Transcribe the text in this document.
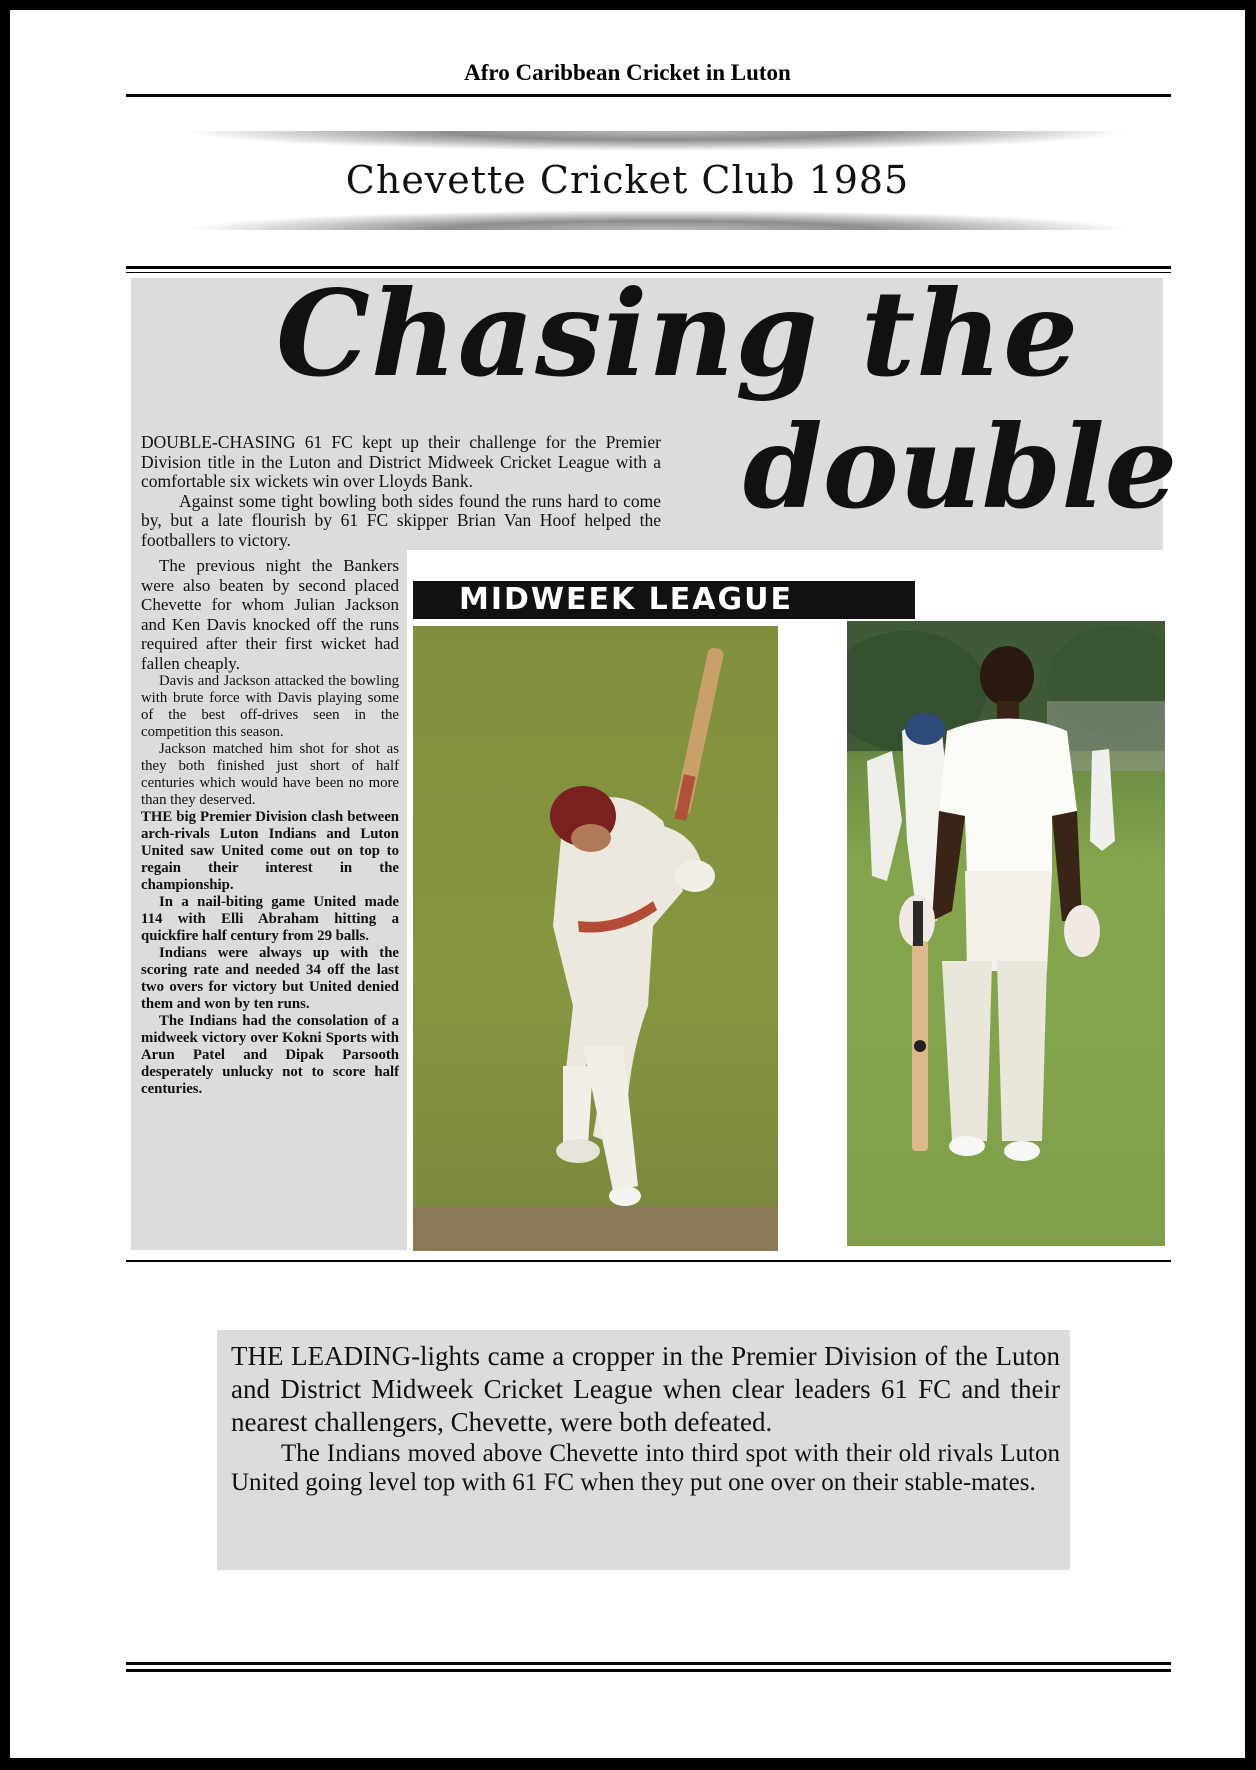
Afro Caribbean Cricket in Luton
Chevette Cricket Club 1985
Chasing the
double

DOUBLE-CHASING 61 FC kept up their challenge for the Premier Division title in the Luton and District Midweek Cricket League with a comfortable six wickets win over Lloyds Bank.

Against some tight bowling both sides found the runs hard to come by, but a late flourish by 61 FC skipper Brian Van Hoof helped the footballers to victory.

MIDWEEK LEAGUE

The previous night the Bankers were also beaten by second placed Chevette for whom Julian Jackson and Ken Davis knocked off the runs required after their first wicket had fallen cheaply.

Davis and Jackson attacked the bowling with brute force with Davis playing some of the best off-drives seen in the competition this season.

Jackson matched him shot for shot as they both finished just short of half centuries which would have been no more than they deserved.

THE big Premier Division clash between arch-rivals Luton Indians and Luton United saw United come out on top to regain their interest in the championship.

In a nail-biting game United made 114 with Elli Abraham hitting a quickfire half century from 29 balls.

Indians were always up with the scoring rate and needed 34 off the last two overs for victory but United denied them and won by ten runs.

The Indians had the consolation of a midweek victory over Kokni Sports with Arun Patel and Dipak Parsooth desperately unlucky not to score half centuries.

THE LEADING-lights came a cropper in the Premier Division of the Luton and District Midweek Cricket League when clear leaders 61 FC and their nearest challengers, Chevette, were both defeated.

The Indians moved above Chevette into third spot with their old rivals Luton United going level top with 61 FC when they put one over on their stable-mates.
